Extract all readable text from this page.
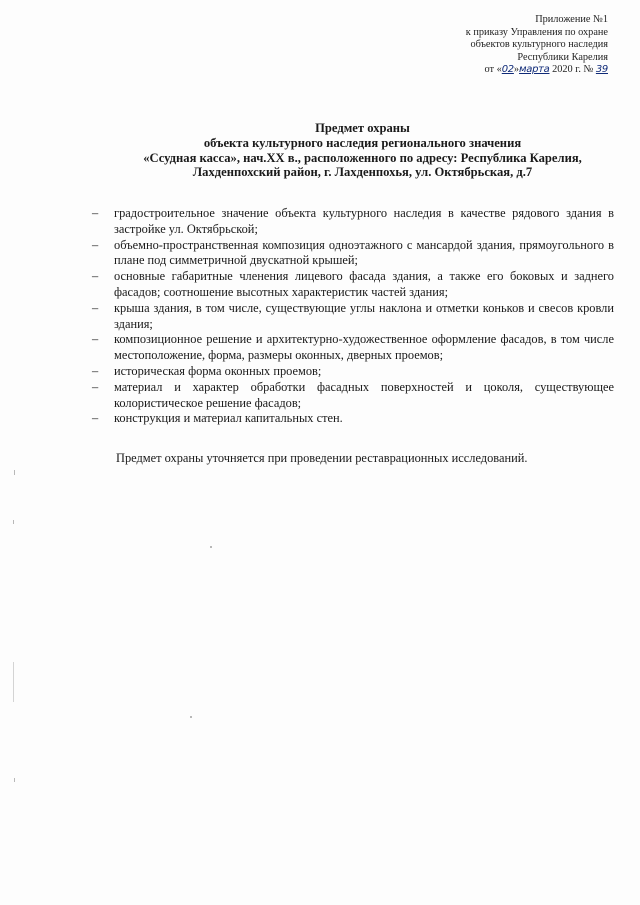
Приложение №1
к приказу Управления по охране
объектов культурного наследия
Республики Карелия
от «02»марта 2020 г. № 39
Предмет охраны
объекта культурного наследия регионального значения
«Ссудная касса», нач.XX в., расположенного по адресу: Республика Карелия,
Лахденпохский район, г. Лахденпохья, ул. Октябрьская, д.7
– градостроительное значение объекта культурного наследия в качестве рядового здания в застройке ул. Октябрьской;
– объемно-пространственная композиция одноэтажного с мансардой здания, прямоугольного в плане под симметричной двускатной крышей;
– основные габаритные членения лицевого фасада здания, а также его боковых и заднего фасадов; соотношение высотных характеристик частей здания;
– крыша здания, в том числе, существующие углы наклона и отметки коньков и свесов кровли здания;
– композиционное решение и архитектурно-художественное оформление фасадов, в том числе местоположение, форма, размеры оконных, дверных проемов;
– историческая форма оконных проемов;
– материал и характер обработки фасадных поверхностей и цоколя, существующее колористическое решение фасадов;
– конструкция и материал капитальных стен.
Предмет охраны уточняется при проведении реставрационных исследований.
